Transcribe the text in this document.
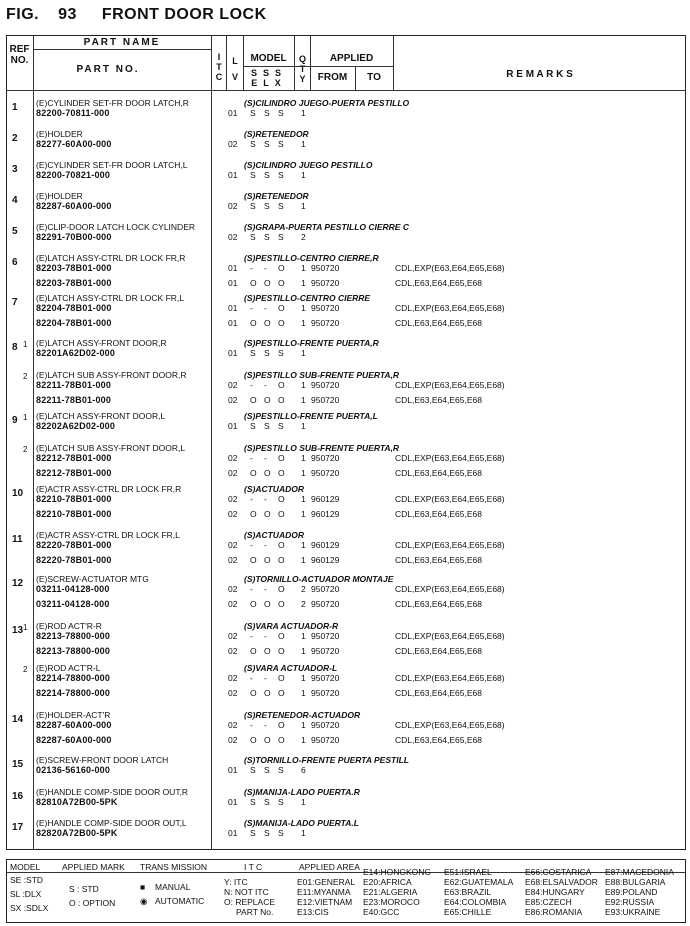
FIG. 93 FRONT DOOR LOCK
REF NO.
PART NAME
PART NO.
I
T
C
L
V
MODEL
SSS
ELX
Q
T
Y
APPLIED
FROM	TO	R E M A R K S
1	(E)CYLINDER SET-FR DOOR LATCH,R	(S)CILINDRO JUEGO-PUERTA PESTILLO
82200-70811-000	01 S S S 1
2	(E)HOLDER	(S)RETENEDOR
82277-60A00-000	02 S S S 1
3	(E)CYLINDER SET-FR DOOR LATCH,L	(S)CILINDRO JUEGO PESTILLO
82200-70821-000	01 S S S 1
4	(E)HOLDER	(S)RETENEDOR
82287-60A00-000	02 S S S 1
5	(E)CLIP-DOOR LATCH LOCK CYLINDER	(S)GRAPA-PUERTA PESTILLO CIERRE C
82291-70B00-000	02 S S S 2
6	(E)LATCH ASSY-CTRL DR LOCK FR,R	(S)PESTILLO-CENTRO CIERRE,R
82203-78B01-000	01 - - O 1 950720	CDL,EXP(E63,E64,E65,E68)
82203-78B01-000	01 O O O 1 950720	CDL,E63,E64,E65,E68
7	(E)LATCH ASSY-CTRL DR LOCK FR,L	(S)PESTILLO-CENTRO CIERRE
82204-78B01-000	01 - - O 1 950720	CDL,EXP(E63,E64,E65,E68)
82204-78B01-000	01 O O O 1 950720	CDL,E63,E64,E65,E68
8 1 (E)LATCH ASSY-FRONT DOOR,R	(S)PESTILLO-FRENTE PUERTA,R
82201A62D02-000	01 S S S 1
2 (E)LATCH SUB ASSY-FRONT DOOR,R	(S)PESTILLO SUB-FRENTE PUERTA,R
82211-78B01-000	02 - - O 1 950720	CDL,EXP(E63,E64,E65,E68)
82211-78B01-000	02 O O O 1 950720	CDL,E63,E64,E65,E68
9 1 (E)LATCH ASSY-FRONT DOOR,L	(S)PESTILLO-FRENTE PUERTA,L
82202A62D02-000	01 S S S 1
2 (E)LATCH SUB ASSY-FRONT DOOR,L	(S)PESTILLO SUB-FRENTE PUERTA,R
82212-78B01-000	02 - - O 1 950720	CDL,EXP(E63,E64,E65,E68)
82212-78B01-000	02 O O O 1 950720	CDL,E63,E64,E65,E68
10	(E)ACTR ASSY-CTRL DR LOCK FR,R	(S)ACTUADOR
82210-78B01-000	02 - - O 1 960129	CDL,EXP(E63,E64,E65,E68)
82210-78B01-000	02 O O O 1 960129	CDL,E63,E64,E65,E68
11	(E)ACTR ASSY-CTRL DR LOCK FR,L	(S)ACTUADOR
82220-78B01-000	02 - - O 1 960129	CDL,EXP(E63,E64,E65,E68)
82220-78B01-000	02 O O O 1 960129	CDL,E63,E64,E65,E68
12	(E)SCREW-ACTUATOR MTG	(S)TORNILLO-ACTUADOR MONTAJE
03211-04128-000	02 - - O 2 950720	CDL,EXP(E63,E64,E65,E68)
03211-04128-000	02 O O O 2 950720	CDL,E63,E64,E65,E68
13 1 (E)ROD ACT'R-R	(S)VARA ACTUADOR-R
82213-78800-000	02 - - O 1 950720	CDL,EXP(E63,E64,E65,E68)
82213-78800-000	02 O O O 1 950720	CDL,E63,E64,E65,E68
2 (E)ROD ACT'R-L	(S)VARA ACTUADOR-L
82214-78800-000	02 - - O 1 950720	CDL,EXP(E63,E64,E65,E68)
82214-78800-000	02 O O O 1 950720	CDL,E63,E64,E65,E68
14	(E)HOLDER-ACT'R	(S)RETENEDOR-ACTUADOR
82287-60A00-000	02 - - O 1 950720	CDL,EXP(E63,E64,E65,E68)
82287-60A00-000	02 O O O 1 950720	CDL,E63,E64,E65,E68
15	(E)SCREW-FRONT DOOR LATCH	(S)TORNILLO-FRENTE PUERTA PESTILL
02136-56160-000	01 S S S 6
16	(E)HANDLE COMP-SIDE DOOR OUT,R	(S)MANIJA-LADO PUERTA.R
82810A72B00-5PK	01 S S S 1
17	(E)HANDLE COMP-SIDE DOOR OUT,L	(S)MANIJA-LADO PUERTA.L
82820A72B00-5PK	01 S S S 1
MODEL	APPLIED MARK TRANS MISSION	I T C	APPLIED AREA
SE :STD
SL :DLX
SX :SDLX
S : STD
O : OPTION
■ MANUAL
◉ AUTOMATIC
Y: ITC
N: NOT ITC
O: REPLACE
PART No.
E01:GENERAL
E11:MYANMA
E12:VIETNAM
E13:CIS
E14:HONGKONG
E20:AFRICA
E21:ALGERIA
E23:MOROCO
E40:GCC
E51:ISRAEL
E62:GUATEMALA
E63:BRAZIL
E64:COLOMBIA
E65:CHILLE
E66:COSTARICA
E68:ELSALVADOR
E84:HUNGARY
E85:CZECH
E86:ROMANIA
E87:MACEDONIA
E88:BULGARIA
E89:POLAND
E92:RUSSIA
E93:UKRAINE
